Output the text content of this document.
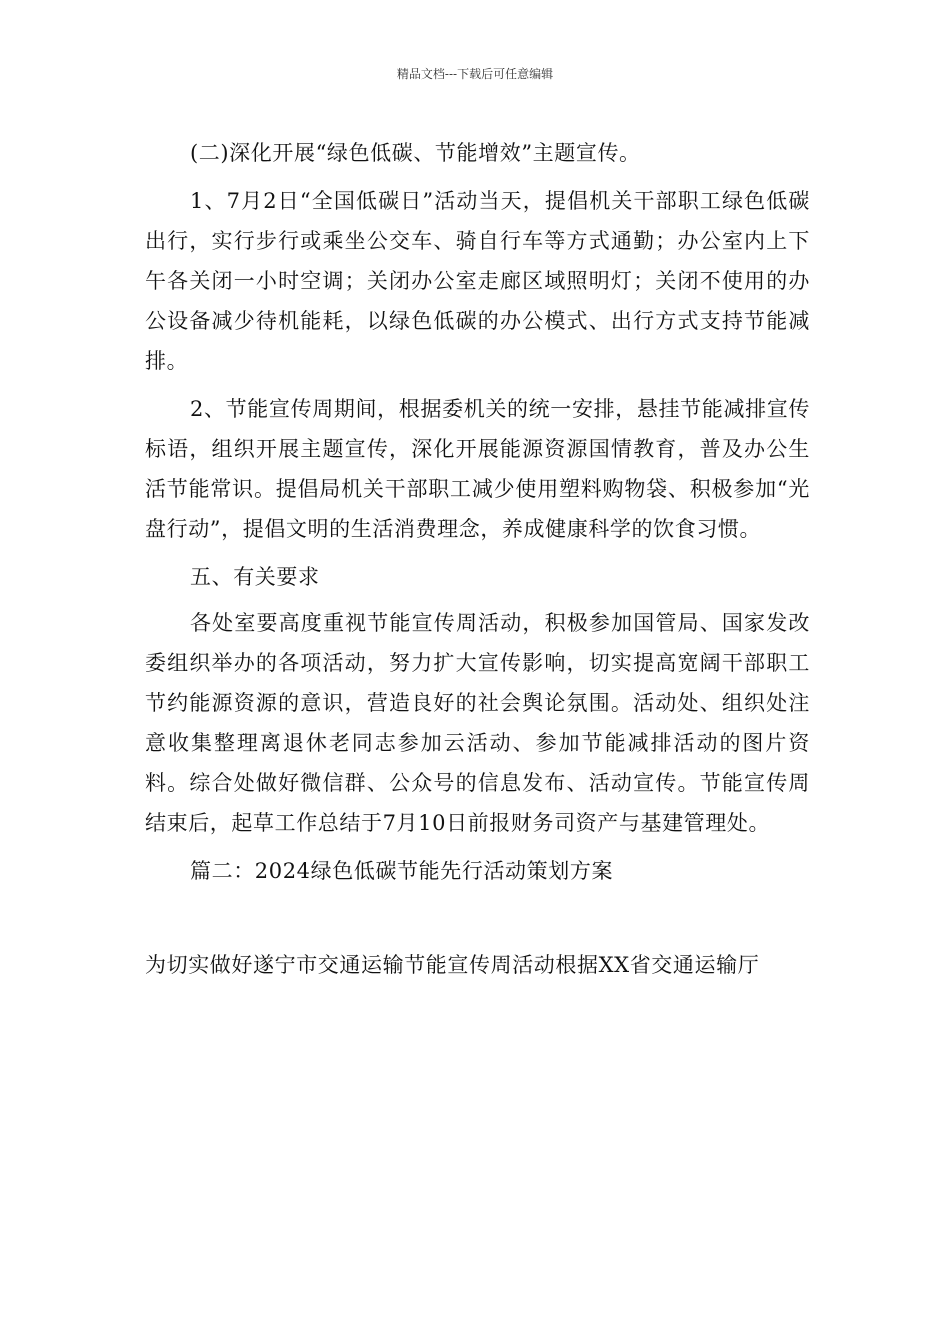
精品文档---下载后可任意编辑

(二)深化开展“绿色低碳、节能增效”主题宣传。

1、7月2日“全国低碳日”活动当天，提倡机关干部职工绿色低碳出行，实行步行或乘坐公交车、骑自行车等方式通勤；办公室内上下午各关闭一小时空调；关闭办公室走廊区域照明灯；关闭不使用的办公设备减少待机能耗，以绿色低碳的办公模式、出行方式支持节能减排。

2、节能宣传周期间，根据委机关的统一安排，悬挂节能减排宣传标语，组织开展主题宣传，深化开展能源资源国情教育，普及办公生活节能常识。提倡局机关干部职工减少使用塑料购物袋、积极参加“光盘行动”，提倡文明的生活消费理念，养成健康科学的饮食习惯。

五、有关要求

各处室要高度重视节能宣传周活动，积极参加国管局、国家发改委组织举办的各项活动，努力扩大宣传影响，切实提高宽阔干部职工节约能源资源的意识，营造良好的社会舆论氛围。活动处、组织处注意收集整理离退休老同志参加云活动、参加节能减排活动的图片资料。综合处做好微信群、公众号的信息发布、活动宣传。节能宣传周结束后，起草工作总结于7月10日前报财务司资产与基建管理处。

篇二：2024绿色低碳节能先行活动策划方案

为切实做好遂宁市交通运输节能宣传周活动根据XX省交通运输厅
